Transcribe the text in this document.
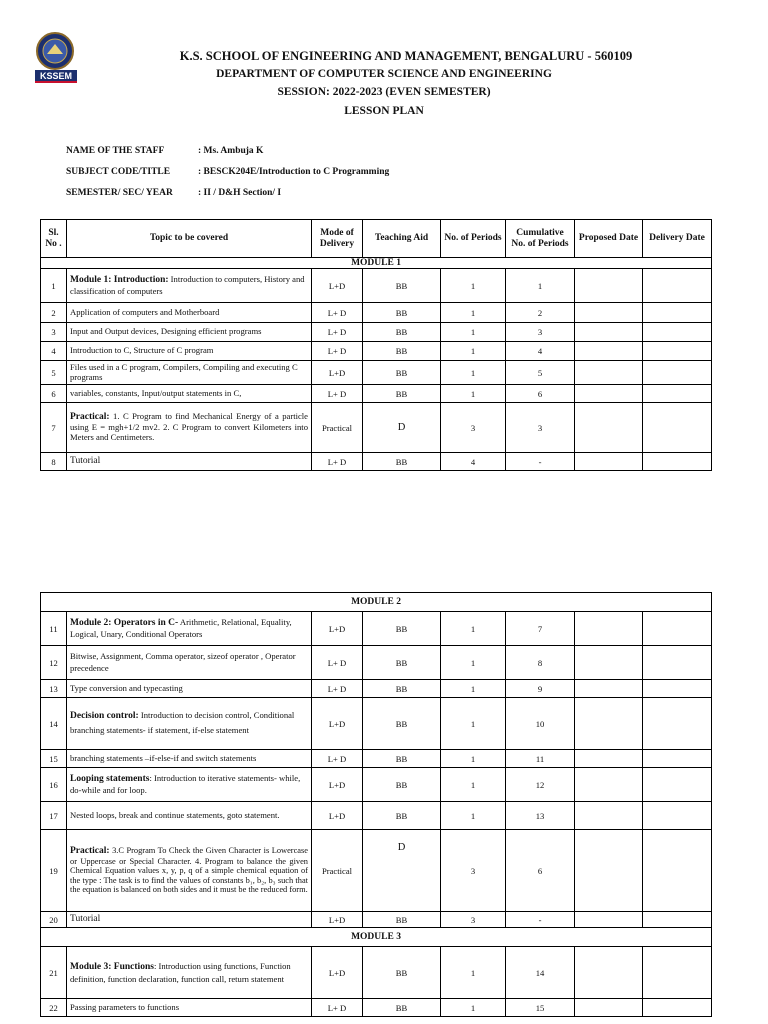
KSSEM
K.S. SCHOOL OF ENGINEERING AND MANAGEMENT, BENGALURU - 560109
DEPARTMENT OF COMPUTER SCIENCE AND ENGINEERING
SESSION: 2022-2023 (EVEN SEMESTER)
LESSON PLAN
NAME OF THE STAFF	: Ms. Ambuja K
SUBJECT CODE/TITLE	: BESCK204E/Introduction to C Programming
SEMESTER/ SEC/ YEAR	: II / D&H Section/ I
Sl. No .	Topic to be covered	Mode of Delivery	Teaching Aid	No. of Periods	Cumulative No. of Periods	Proposed Date	Delivery Date
MODULE 1							
1	Module 1: Introduction: Introduction to computers, History and classification of computers	L+D	BB	1	1		
2	Application of computers and Motherboard	L+ D	BB	1	2		
3	Input and Output devices, Designing efficient programs	L+ D	BB	1	3		
4	Introduction to C, Structure of C program	L+ D	BB	1	4		
5	Files used in a C program, Compilers, Compiling and executing C programs	L+D	BB	1	5		
6	variables, constants, Input/output statements in C,	L+ D	BB	1	6		
7	Practical: 1. C Program to find Mechanical Energy of a particle using E = mgh+1/2 mv2. 2. C Program to convert Kilometers into Meters and Centimeters.	Practical	D	3	3		
8	Tutorial	L+ D	BB	4	-		
MODULE 2							
11	Module 2: Operators in C- Arithmetic, Relational, Equality, Logical, Unary, Conditional Operators	L+D	BB	1	7		
12	Bitwise, Assignment, Comma operator, sizeof operator , Operator precedence	L+ D	BB	1	8		
13	Type conversion and typecasting	L+ D	BB	1	9		
14	Decision control: Introduction to decision control, Conditional branching statements- if statement, if-else statement	L+D	BB	1	10		
15	branching statements –if-else-if and switch statements	L+ D	BB	1	11		
16	Looping statements: Introduction to iterative statements- while, do-while and for loop.	L+D	BB	1	12		
17	Nested loops, break and continue statements, goto statement.	L+D	BB	1	13		
19	Practical: 3.C Program To Check the Given Character is Lowercase or Uppercase or Special Character. 4. Program to balance the given Chemical Equation values x, y, p, q of a simple chemical equation of the type : The task is to find the values of constants b₁, b₂, b₃ such that the equation is balanced on both sides and it must be the reduced form.	Practical	D	3	6		
20	Tutorial	L+D	BB	3	-		
MODULE 3							
21	Module 3: Functions: Introduction using functions, Function definition, function declaration, function call, return statement	L+D	BB	1	14		
22	Passing parameters to functions	L+ D	BB	1	15		
